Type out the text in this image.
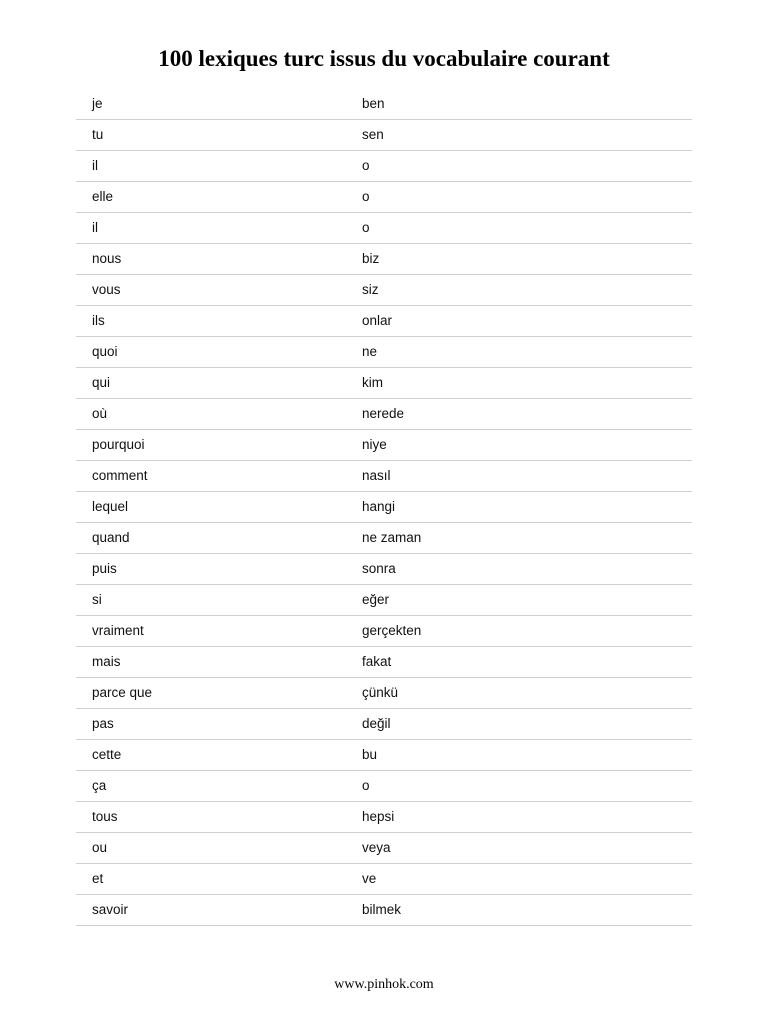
100 lexiques turc issus du vocabulaire courant
je	ben
tu	sen
il	o
elle	o
il	o
nous	biz
vous	siz
ils	onlar
quoi	ne
qui	kim
où	nerede
pourquoi	niye
comment	nasıl
lequel	hangi
quand	ne zaman
puis	sonra
si	eğer
vraiment	gerçekten
mais	fakat
parce que	çünkü
pas	değil
cette	bu
ça	o
tous	hepsi
ou	veya
et	ve
savoir	bilmek
www.pinhok.com
